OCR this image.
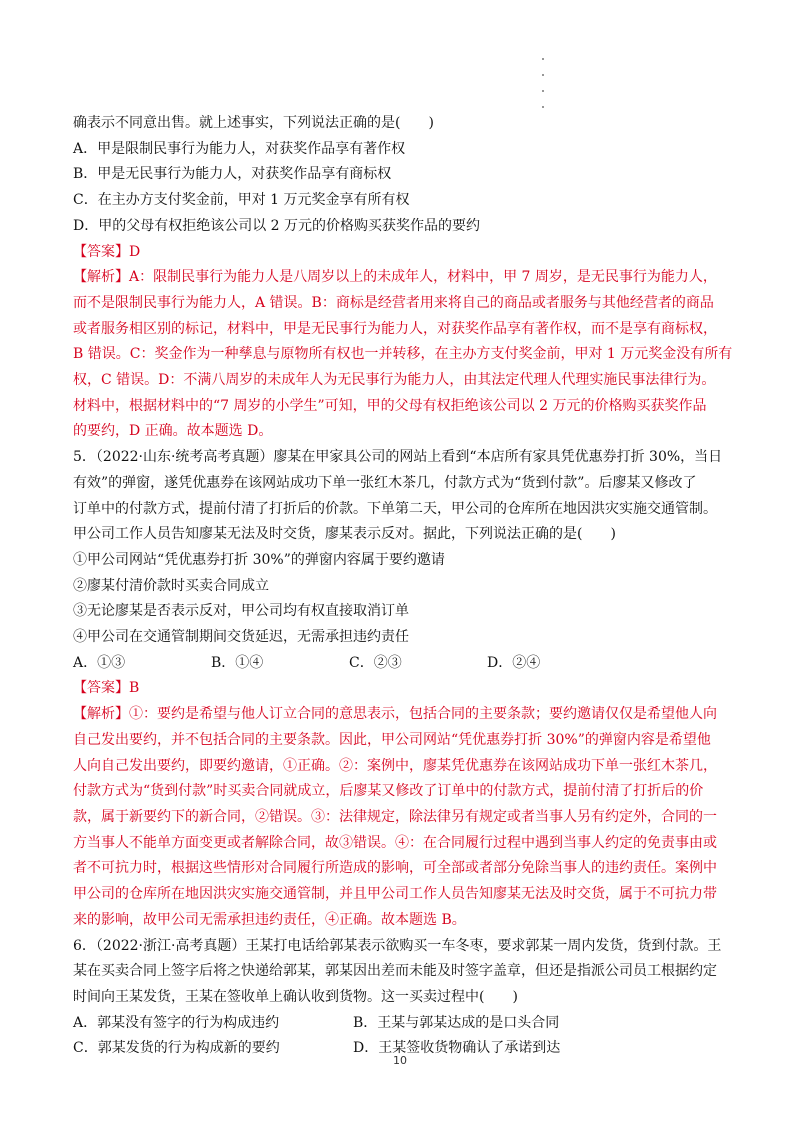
确表示不同意出售。就上述事实，下列说法正确的是(　　)
A．甲是限制民事行为能力人，对获奖作品享有著作权
B．甲是无民事行为能力人，对获奖作品享有商标权
C．在主办方支付奖金前，甲对 1 万元奖金享有所有权
D．甲的父母有权拒绝该公司以 2 万元的价格购买获奖作品的要约
【答案】D
【解析】A：限制民事行为能力人是八周岁以上的未成年人，材料中，甲 7 周岁，是无民事行为能力人，
而不是限制民事行为能力人，A 错误。B：商标是经营者用来将自己的商品或者服务与其他经营者的商品
或者服务相区别的标记，材料中，甲是无民事行为能力人，对获奖作品享有著作权，而不是享有商标权，
B 错误。C：奖金作为一种孳息与原物所有权也一并转移，在主办方支付奖金前，甲对 1 万元奖金没有所有
权，C 错误。D：不满八周岁的未成年人为无民事行为能力人，由其法定代理人代理实施民事法律行为。
材料中，根据材料中的“7 周岁的小学生”可知，甲的父母有权拒绝该公司以 2 万元的价格购买获奖作品
的要约，D 正确。故本题选 D。
5．（2022·山东·统考高考真题）廖某在甲家具公司的网站上看到“本店所有家具凭优惠券打折 30%，当日
有效”的弹窗，遂凭优惠券在该网站成功下单一张红木茶几，付款方式为“货到付款”。后廖某又修改了
订单中的付款方式，提前付清了打折后的价款。下单第二天，甲公司的仓库所在地因洪灾实施交通管制。
甲公司工作人员告知廖某无法及时交货，廖某表示反对。据此，下列说法正确的是(　　)
①甲公司网站“凭优惠券打折 30%”的弹窗内容属于要约邀请
②廖某付清价款时买卖合同成立
③无论廖某是否表示反对，甲公司均有权直接取消订单
④甲公司在交通管制期间交货延迟，无需承担违约责任
A．①③	B．①④	C．②③	D．②④
【答案】B
【解析】①：要约是希望与他人订立合同的意思表示，包括合同的主要条款；要约邀请仅仅是希望他人向
自己发出要约，并不包括合同的主要条款。因此，甲公司网站“凭优惠券打折 30%”的弹窗内容是希望他
人向自己发出要约，即要约邀请，①正确。②：案例中，廖某凭优惠券在该网站成功下单一张红木茶几，
付款方式为“货到付款”时买卖合同就成立，后廖某又修改了订单中的付款方式，提前付清了打折后的价
款，属于新要约下的新合同，②错误。③：法律规定，除法律另有规定或者当事人另有约定外，合同的一
方当事人不能单方面变更或者解除合同，故③错误。④：在合同履行过程中遇到当事人约定的免责事由或
者不可抗力时，根据这些情形对合同履行所造成的影响，可全部或者部分免除当事人的违约责任。案例中
甲公司的仓库所在地因洪灾实施交通管制，并且甲公司工作人员告知廖某无法及时交货，属于不可抗力带
来的影响，故甲公司无需承担违约责任，④正确。故本题选 B。
6．（2022·浙江·高考真题）王某打电话给郭某表示欲购买一车冬枣，要求郭某一周内发货，货到付款。王
某在买卖合同上签字后将之快递给郭某，郭某因出差而未能及时签字盖章，但还是指派公司员工根据约定
时间向王某发货，王某在签收单上确认收到货物。这一买卖过程中(　　)
A．郭某没有签字的行为构成违约	B．王某与郭某达成的是口头合同
C．郭某发货的行为构成新的要约	D．王某签收货物确认了承诺到达
10
